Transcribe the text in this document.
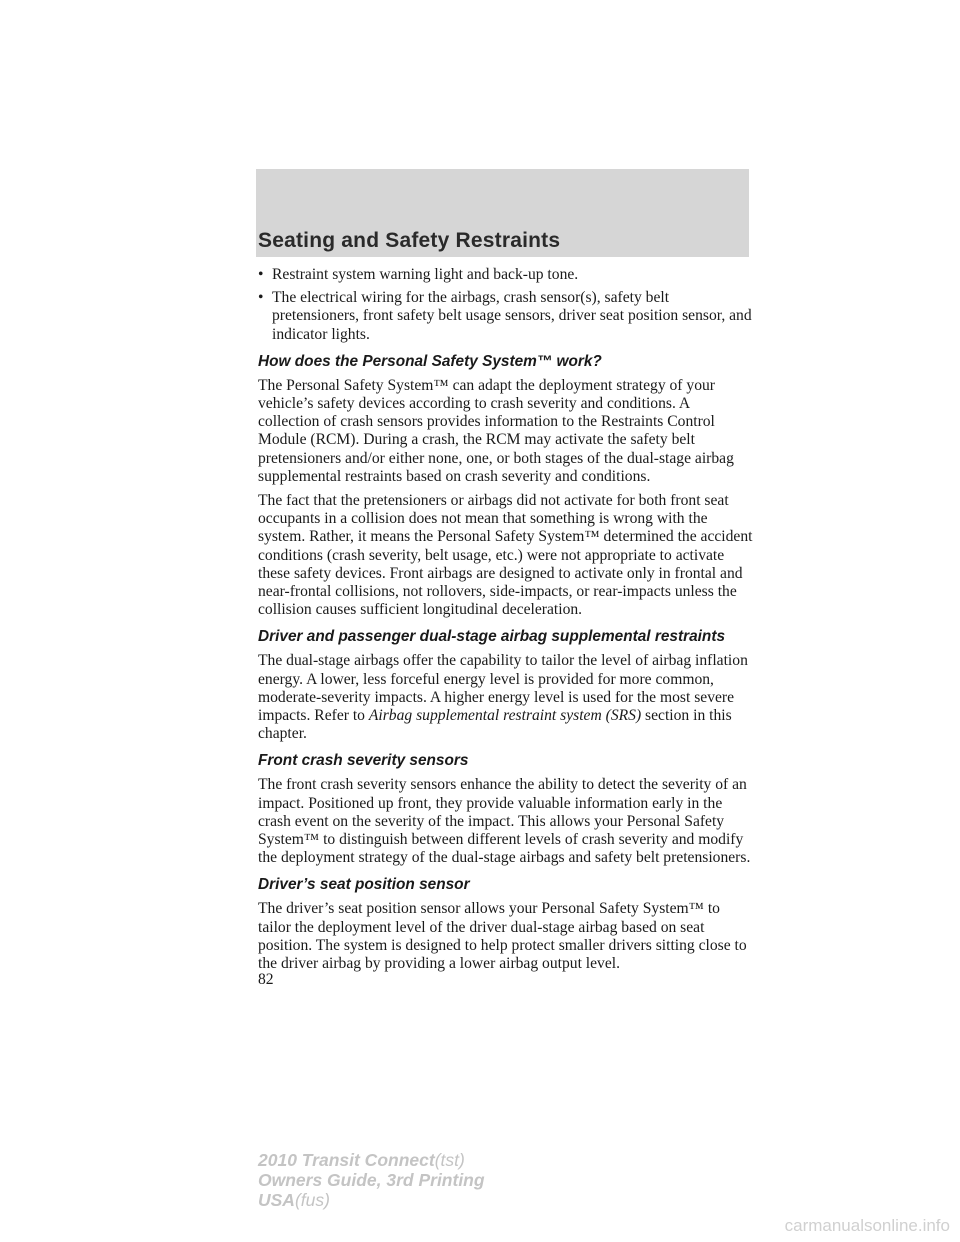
Seating and Safety Restraints
• Restraint system warning light and back-up tone.
• The electrical wiring for the airbags, crash sensor(s), safety belt pretensioners, front safety belt usage sensors, driver seat position sensor, and indicator lights.
How does the Personal Safety System™ work?

The Personal Safety System™ can adapt the deployment strategy of your vehicle’s safety devices according to crash severity and conditions. A collection of crash sensors provides information to the Restraints Control Module (RCM). During a crash, the RCM may activate the safety belt pretensioners and/or either none, one, or both stages of the dual-stage airbag supplemental restraints based on crash severity and conditions.

The fact that the pretensioners or airbags did not activate for both front seat occupants in a collision does not mean that something is wrong with the system. Rather, it means the Personal Safety System™ determined the accident conditions (crash severity, belt usage, etc.) were not appropriate to activate these safety devices. Front airbags are designed to activate only in frontal and near-frontal collisions, not rollovers, side-impacts, or rear-impacts unless the collision causes sufficient longitudinal deceleration.

Driver and passenger dual-stage airbag supplemental restraints

The dual-stage airbags offer the capability to tailor the level of airbag inflation energy. A lower, less forceful energy level is provided for more common, moderate-severity impacts. A higher energy level is used for the most severe impacts. Refer to Airbag supplemental restraint system (SRS) section in this chapter.

Front crash severity sensors

The front crash severity sensors enhance the ability to detect the severity of an impact. Positioned up front, they provide valuable information early in the crash event on the severity of the impact. This allows your Personal Safety System™ to distinguish between different levels of crash severity and modify the deployment strategy of the dual-stage airbags and safety belt pretensioners.

Driver’s seat position sensor

The driver’s seat position sensor allows your Personal Safety System™ to tailor the deployment level of the driver dual-stage airbag based on seat position. The system is designed to help protect smaller drivers sitting close to the driver airbag by providing a lower airbag output level.

82

2010 Transit Connect(tst)
Owners Guide, 3rd Printing
USA(fus)

carmanualsonline.info
